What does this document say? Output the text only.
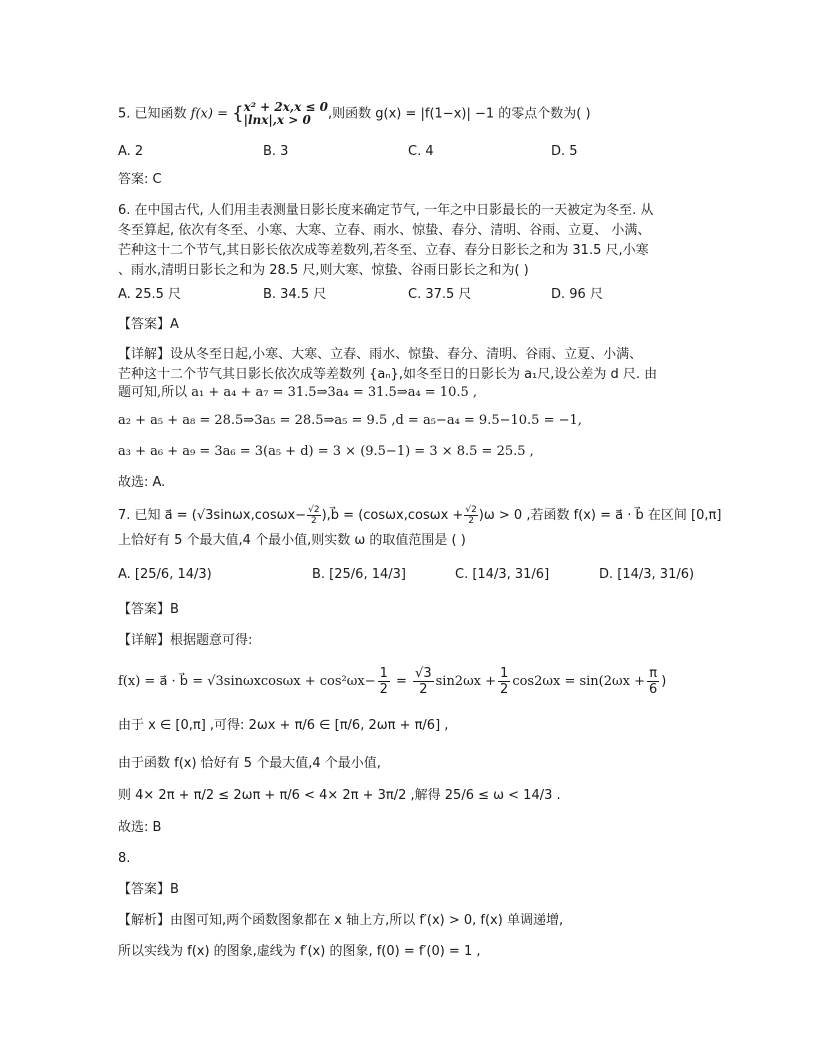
5. 已知函数 f(x) = { x² + 2x,x ≤ 0
|lnx|,x > 0	,则函数 g(x) = |f(1−x)| −1 的零点个数为( )
A. 2	B. 3	C. 4	D. 5
答案: C
6. 在中国古代, 人们用圭表测量日影长度来确定节气, 一年之中日影最长的一天被定为冬至. 从
冬至算起, 依次有冬至、小寒、大寒、立春、雨水、惊蛰、春分、清明、谷雨、立夏、 小满、
芒种这十二个节气,其日影长依次成等差数列,若冬至、立春、春分日影长之和为 31.5 尺,小寒
、雨水,清明日影长之和为 28.5 尺,则大寒、惊蛰、谷雨日影长之和为( )
A. 25.5 尺	B. 34.5 尺	C. 37.5 尺	D. 96 尺
【答案】A
【详解】设从冬至日起,小寒、大寒、立春、雨水、惊蛰、春分、清明、谷雨、立夏、小满、
芒种这十二个节气其日影长依次成等差数列 {aₙ},如冬至日的日影长为 a₁尺,设公差为 d 尺. 由
题可知,所以 a₁ + a₄ + a₇ = 31.5⇒3a₄ = 31.5⇒a₄ = 10.5 ,
a₂ + a₅ + a₈ = 28.5⇒3a₅ = 28.5⇒a₅ = 9.5 ,d = a₅−a₄ = 9.5−10.5 = −1,
a₃ + a₆ + a₉ = 3a₆ = 3(a₅ + d) = 3 × (9.5−1) = 3 × 8.5 = 25.5 ,
故选: A.
7. 已知 a⃗ = ($√3\sin\omega x,\cos\omega x- \frac{√2}{2}$ ),b⃗ = $(\cos\omega x,\cos\omega x + \frac{√2}{2} )\omega > 0$ ,若函数 f(x) = a⃗ · b⃗ 在区间 [0,π]
上恰好有 5 个最大值,4 个最小值,则实数 ω 的取值范围是 ( )
A. [25/6, 14/3)	B. [25/6, 14/3]	C. [14/3, 31/6]	D. [14/3, 31/6)
【答案】B
【详解】根据题意可得:
f(x) = a⃗ · b⃗ = $√3\sin\omega xcos\omega x + \cos^2\omega x- \frac{1}{2} = \frac{√3}{2} \sin 2\omega x + \frac{1}{2} \cos 2\omega x = \sin(2\omega x + \frac{\pi}{6}$ )
由于 x ∈ [0,π] ,可得: 2ωx + π/6 ∈ [π/6, 2ωπ + π/6] ,
由于函数 f(x) 恰好有 5 个最大值,4 个最小值,
则 4× 2π + π/2 ≤ 2ωπ + π/6 < 4× 2π + 3π/2 ,解得 25/6 ≤ ω < 14/3 .
故选: B
8.
【答案】B
【解析】由图可知,两个函数图象都在 x 轴上方,所以 f′(x) > 0, f(x) 单调递增,
所以实线为 f(x) 的图象,虚线为 f′(x) 的图象, f(0) = f′(0) = 1 ,
